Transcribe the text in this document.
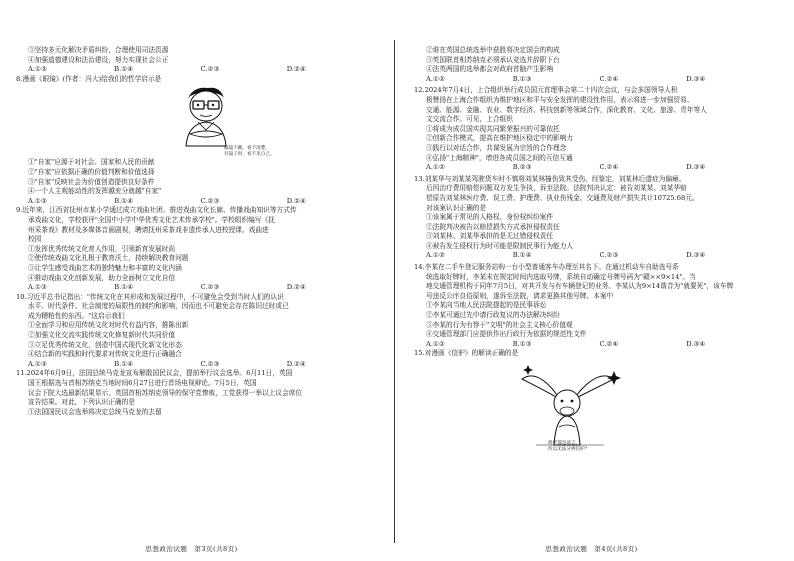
③坚持多元化解决矛盾纠纷，合理使用司法资源
④加强道德建设和法治建设，努力实现社会公正
A.①③	B.①④	C.②③	D.②④
8.漫画《眼镜》(作者：冯大)给我们的哲学启示是
眼镜不戴，看不清楚，
有镜子时，看不见自己。
①"自家"应源于对社会、国家和人民的贡献
②"自家"应依据正确的价值判断和价值选择
③"自家"反映社会为价值创造提供良好条件
④一个人主观能动性的发挥越充分就越"自家"
A.①③	B.①④	C.②③	D.②④
9.近年来，江西省抚州市某小学通过成立戏曲社团、推进戏曲文化长廊、传播戏曲知识等方式传
承戏曲文化，学校获评"全国中小学中华优秀文化艺术传承学校"。学校组织编写《抚
州采茶戏》教材及多媒体音画剧视，聘请抚州采茶戏非遗传承人进校授课。戏曲进
校园
①发挥优秀传统文化育人作用，引领新育发展时尚
②使传统戏曲文化扎根于教育沃土，持续解决教育问题
③让学生感受戏曲艺术的独特魅力和丰富的文化内涵
④推动戏曲文化创新发展，助力全面树立文化自信
A.①③	B.①④	C.②③	D.②④
10.习近平总书记指出："传统文化在其形成和发展过程中，不可避免会受到当时人们的认识
水平、时代条件、社会制度的局限性的制约和影响，因而也不可避免会存在陈旧过时或已
成为糟粕性的东西。"这启示我们
①全面学习和应用传统文化对时代有益内容，推陈出新
②加强文化交流实践传统文化修复新时代共同价值
③立足优秀传统文化，创造中国式现代化新文化形态
④结合新的实践和时代要求对传统文化进行正确融合
A.①③	B.①④	C.②③	D.②④
11.2024年6月9日，法国总统马克龙宣布解散国民议会，提前举行议会选举。6月11日，英国
国王根据选与首相苏纳克当地时间6月27日进行首场电视辩论。7月5日，英国
议会下院大选最新结果显示，英国首相苏纳克领导的保守党惨败，工党获得一举以上议会席位
宣告结果。对此，下列认识正确的是
①法国国民议会选举将决定总统马克龙的去留
思想政治试题　第3页(共8页)
②谁在英国总统选举中获胜将决定国会的构成
③英国联首相苏纳克必须承认竞选并辞职下台
④法英两国的选举都会对政府首脑产生影响
A.①②	B.①③	C.②④	D.③④
12.2024年7月4日，上合组织举行成员国元首理事会第二十四次会议，与会多国领导人积
极赞扬在上海合作组织为维护地区和平与安全发挥的建设性作用，表示将进一步加强贸易、
交通、能源、金融、农业、数字经济、科技创新等领域合作，深化教育、文化、旅游、青年等人
文交流合作。可见，上合组织
①将成为成员国实现共同繁荣振兴的可靠依托
②创新合作模式，提高在维护地区稳定中的影响力
③践行以对话合作，共谋发展为宗旨的合作理念
④弘扬"上海精神"，增进各成员国之间的互信互通
A.①②	B.②③	C.②④	D.③④
13.刘某华与刘某某驾驶货车时不慎将刘某林撞伤致其受伤，经鉴定，刘某林后遗症为偏瘫。
后因治疗费用赔偿问题双方发生争执，诉至法院。法院判决认定：被告刘某某、刘某华赔
偿原告刘某林医疗费、误工费、护理费、执业伤残金、交通费及财产损失共计10725.68元。
对该案认识正确的是
①该案属于常见的人格权、身份权纠纷案件
②法院判决被告以赔偿损失方式承担侵权责任
③刘某林、刘某华承担的是无过错侵权责任
④被告发生侵权行为时可能是限制民事行为能力人
A.①②	B.①④	C.②③	D.③④
14.李某在二手车登记服务站购一台小型普通客车办理至其名下。在通过机动车自助选号系
统选取好牌时，李某未在规定时间内选取号牌，系统自动确定号牌号码为"赣××9×14"。当
地交通管理机构于同年7月5日，对其开发与有车辆登记的业务。李某认为9×14谐音为"就要死"，该车牌
号违反公序良俗原则，遂诉至法院，请求更换其他号牌。本案中
①李某向当地人民法院提起的是民事诉讼
②李某可通过先申请行政复议的办法解决纠纷
③李某的行为有悖于"文明"的社会主义核心价值观
④交通管理部门应提供作出行政行为依据的规范性文件
A.①②	B.①③	C.②④	D.③④
15.对漫画《信驴》的解读正确的是
倚驴都是谣言，
所以无法分辨信驴？
思想政治试题　第4页(共8页)
